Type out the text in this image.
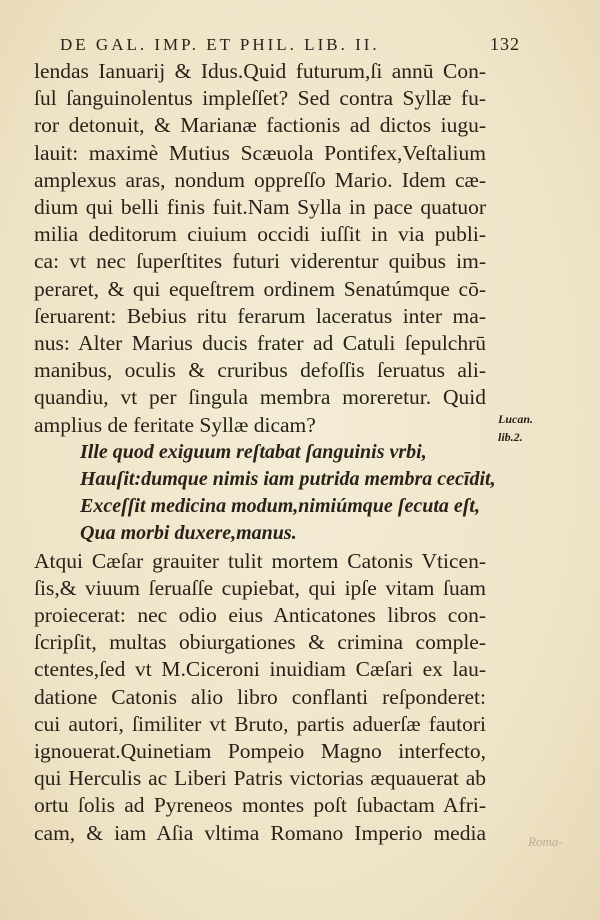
DE GAL. IMP. ET PHIL. LIB. II.	132
lendas Ianuarij & Idus.Quid futurum,ſi annū Con-
ſul ſanguinolentus impleſſet? Sed contra Syllæ fu-
ror detonuit, & Marianæ factionis ad dictos iugu-
lauit: maximè Mutius Scæuola Pontifex,Veſtalium
amplexus aras, nondum oppreſſo Mario. Idem cæ-
dium qui belli finis fuit.Nam Sylla in pace quatuor
milia deditorum ciuium occidi iuſſit in via publi-
ca: vt nec ſuperſtites futuri viderentur quibus im-
peraret, & qui equeſtrem ordinem Senatúmque cō-
ſeruarent: Bebius ritu ferarum laceratus inter ma-
nus: Alter Marius ducis frater ad Catuli ſepulchrū
manibus, oculis & cruribus defoſſis ſeruatus ali-
quandiu, vt per ſingula membra moreretur. Quid
amplius de feritate Syllæ dicam?
Ille quod exiguum reſtabat ſanguinis vrbi,
Hauſit:dumque nimis iam putrida membra cecīdit,
Exceſſit medicina modum,nimiúmque ſecuta eſt,
Qua morbi duxere,manus.
Atqui Cæſar grauiter tulit mortem Catonis Vticen-
ſis,& viuum ſeruaſſe cupiebat, qui ipſe vitam ſuam
proiecerat: nec odio eius Anticatones libros con-
ſcripſit, multas obiurgationes & crimina comple-
ctentes,ſed vt M.Ciceroni inuidiam Cæſari ex lau-
datione Catonis alio libro conflanti reſponderet:
cui autori, ſimiliter vt Bruto, partis aduerſæ fautori
ignouerat.Quinetiam Pompeio Magno interfecto,
qui Herculis ac Liberi Patris victorias æquauerat ab
ortu ſolis ad Pyreneos montes poſt ſubactam Afri-
cam, & iam Aſia vltima Romano Imperio media
Lucan.
lib.2.
Roma-
